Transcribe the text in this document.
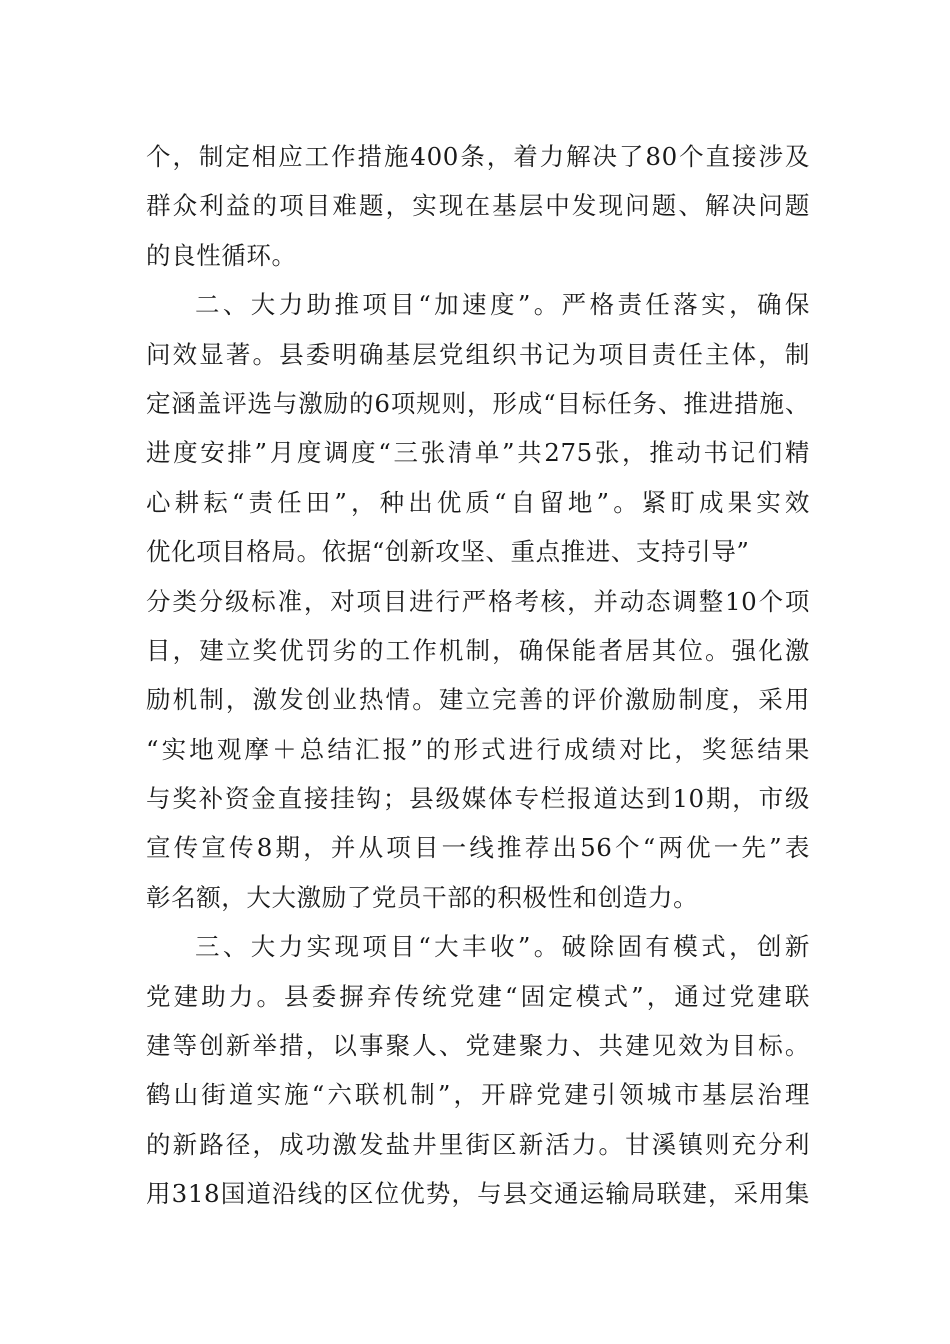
个，制定相应工作措施400条，着力解决了80个直接涉及
群众利益的项目难题，实现在基层中发现问题、解决问题
的良性循环。
二、大力助推项目“加速度”。严格责任落实，确保
问效显著。县委明确基层党组织书记为项目责任主体，制
定涵盖评选与激励的6项规则，形成“目标任务、推进措施、
进度安排”月度调度“三张清单”共275张，推动书记们精
心耕耘“责任田”，种出优质“自留地”。紧盯成果实效
优化项目格局。依据“创新攻坚、重点推进、支持引导”
分类分级标准，对项目进行严格考核，并动态调整10个项
目，建立奖优罚劣的工作机制，确保能者居其位。强化激
励机制，激发创业热情。建立完善的评价激励制度，采用
“实地观摩＋总结汇报”的形式进行成绩对比，奖惩结果
与奖补资金直接挂钩；县级媒体专栏报道达到10期，市级
宣传宣传8期，并从项目一线推荐出56个“两优一先”表
彰名额，大大激励了党员干部的积极性和创造力。
三、大力实现项目“大丰收”。破除固有模式，创新
党建助力。县委摒弃传统党建“固定模式”，通过党建联
建等创新举措，以事聚人、党建聚力、共建见效为目标。
鹤山街道实施“六联机制”，开辟党建引领城市基层治理
的新路径，成功激发盐井里街区新活力。甘溪镇则充分利
用318国道沿线的区位优势，与县交通运输局联建，采用集
